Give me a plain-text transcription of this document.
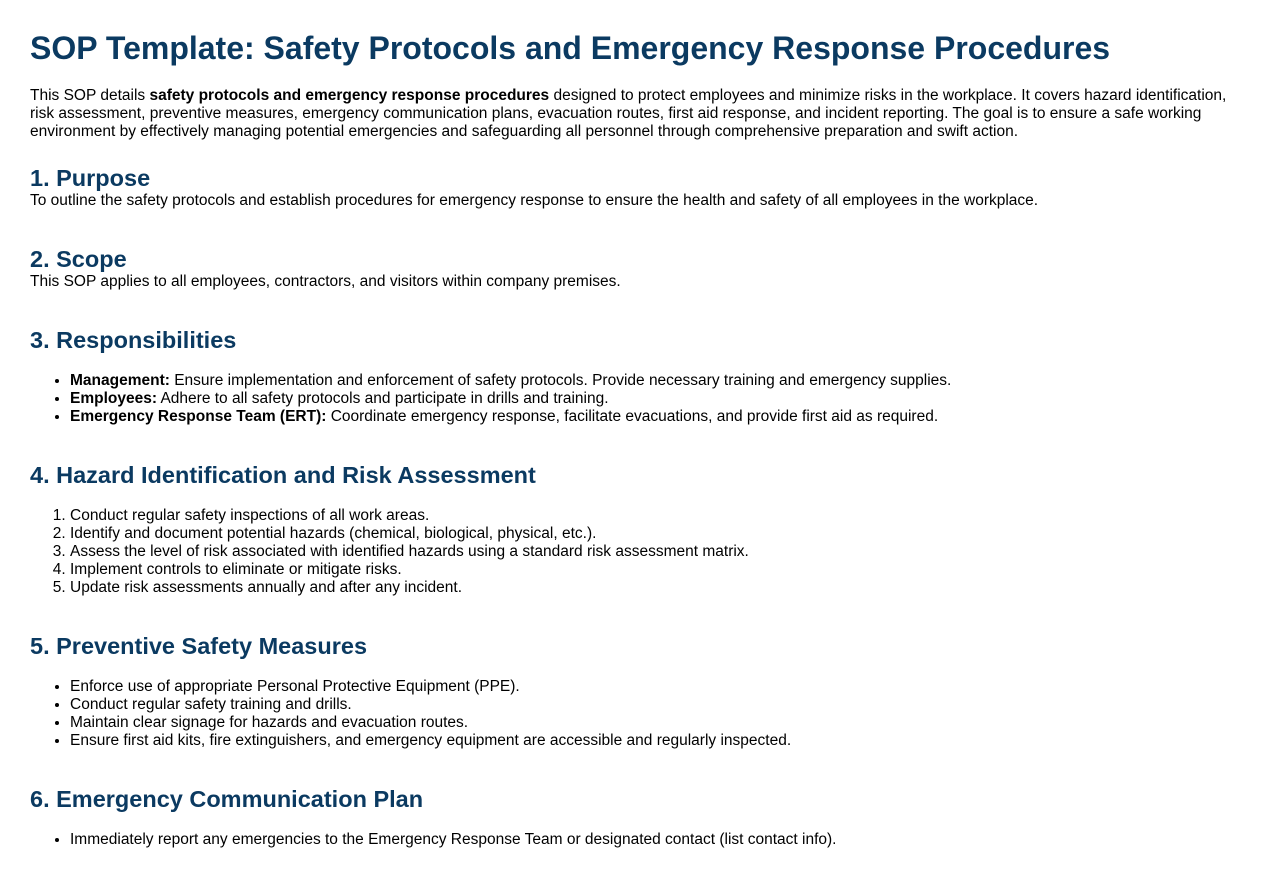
SOP Template: Safety Protocols and Emergency Response Procedures

This SOP details safety protocols and emergency response procedures designed to protect employees and minimize risks in the workplace. It covers hazard identification, risk assessment, preventive measures, emergency communication plans, evacuation routes, first aid response, and incident reporting. The goal is to ensure a safe working environment by effectively managing potential emergencies and safeguarding all personnel through comprehensive preparation and swift action.

1. Purpose

To outline the safety protocols and establish procedures for emergency response to ensure the health and safety of all employees in the workplace.

2. Scope

This SOP applies to all employees, contractors, and visitors within company premises.

3. Responsibilities
• Management: Ensure implementation and enforcement of safety protocols. Provide necessary training and emergency supplies.
• Employees: Adhere to all safety protocols and participate in drills and training.
• Emergency Response Team (ERT): Coordinate emergency response, facilitate evacuations, and provide first aid as required.
4. Hazard Identification and Risk Assessment
1. Conduct regular safety inspections of all work areas.
2. Identify and document potential hazards (chemical, biological, physical, etc.).
3. Assess the level of risk associated with identified hazards using a standard risk assessment matrix.
4. Implement controls to eliminate or mitigate risks.
5. Update risk assessments annually and after any incident.
5. Preventive Safety Measures
• Enforce use of appropriate Personal Protective Equipment (PPE).
• Conduct regular safety training and drills.
• Maintain clear signage for hazards and evacuation routes.
• Ensure first aid kits, fire extinguishers, and emergency equipment are accessible and regularly inspected.
6. Emergency Communication Plan
• Immediately report any emergencies to the Emergency Response Team or designated contact (list contact info).
